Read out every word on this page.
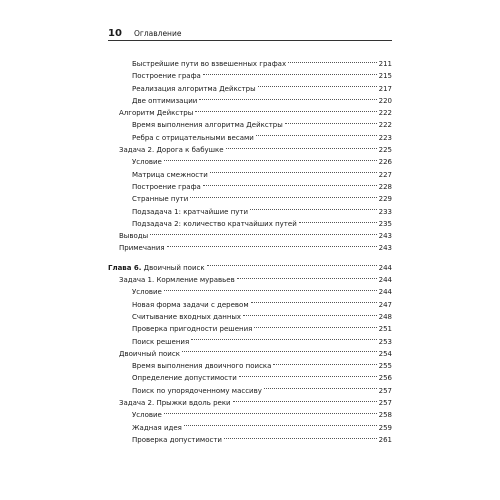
10	Оглавление
Быстрейшие пути во взвешенных графах	211
Построение графа	215
Реализация алгоритма Дейкстры	217
Две оптимизации	220
Алгоритм Дейкстры	222
Время выполнения алгоритма Дейкстры	222
Ребра с отрицательными весами	223
Задача 2. Дорога к бабушке	225
Условие	226
Матрица смежности	227
Построение графа	228
Странные пути	229
Подзадача 1: кратчайшие пути	233
Подзадача 2: количество кратчайших путей	235
Выводы	243
Примечания	243
Глава 6. Двоичный поиск	244
Задача 1. Кормление муравьев	244
Условие	244
Новая форма задачи с деревом	247
Считывание входных данных	248
Проверка пригодности решения	251
Поиск решения	253
Двоичный поиск	254
Время выполнения двоичного поиска	255
Определение допустимости	256
Поиск по упорядоченному массиву	257
Задача 2. Прыжки вдоль реки	257
Условие	258
Жадная идея	259
Проверка допустимости	261
